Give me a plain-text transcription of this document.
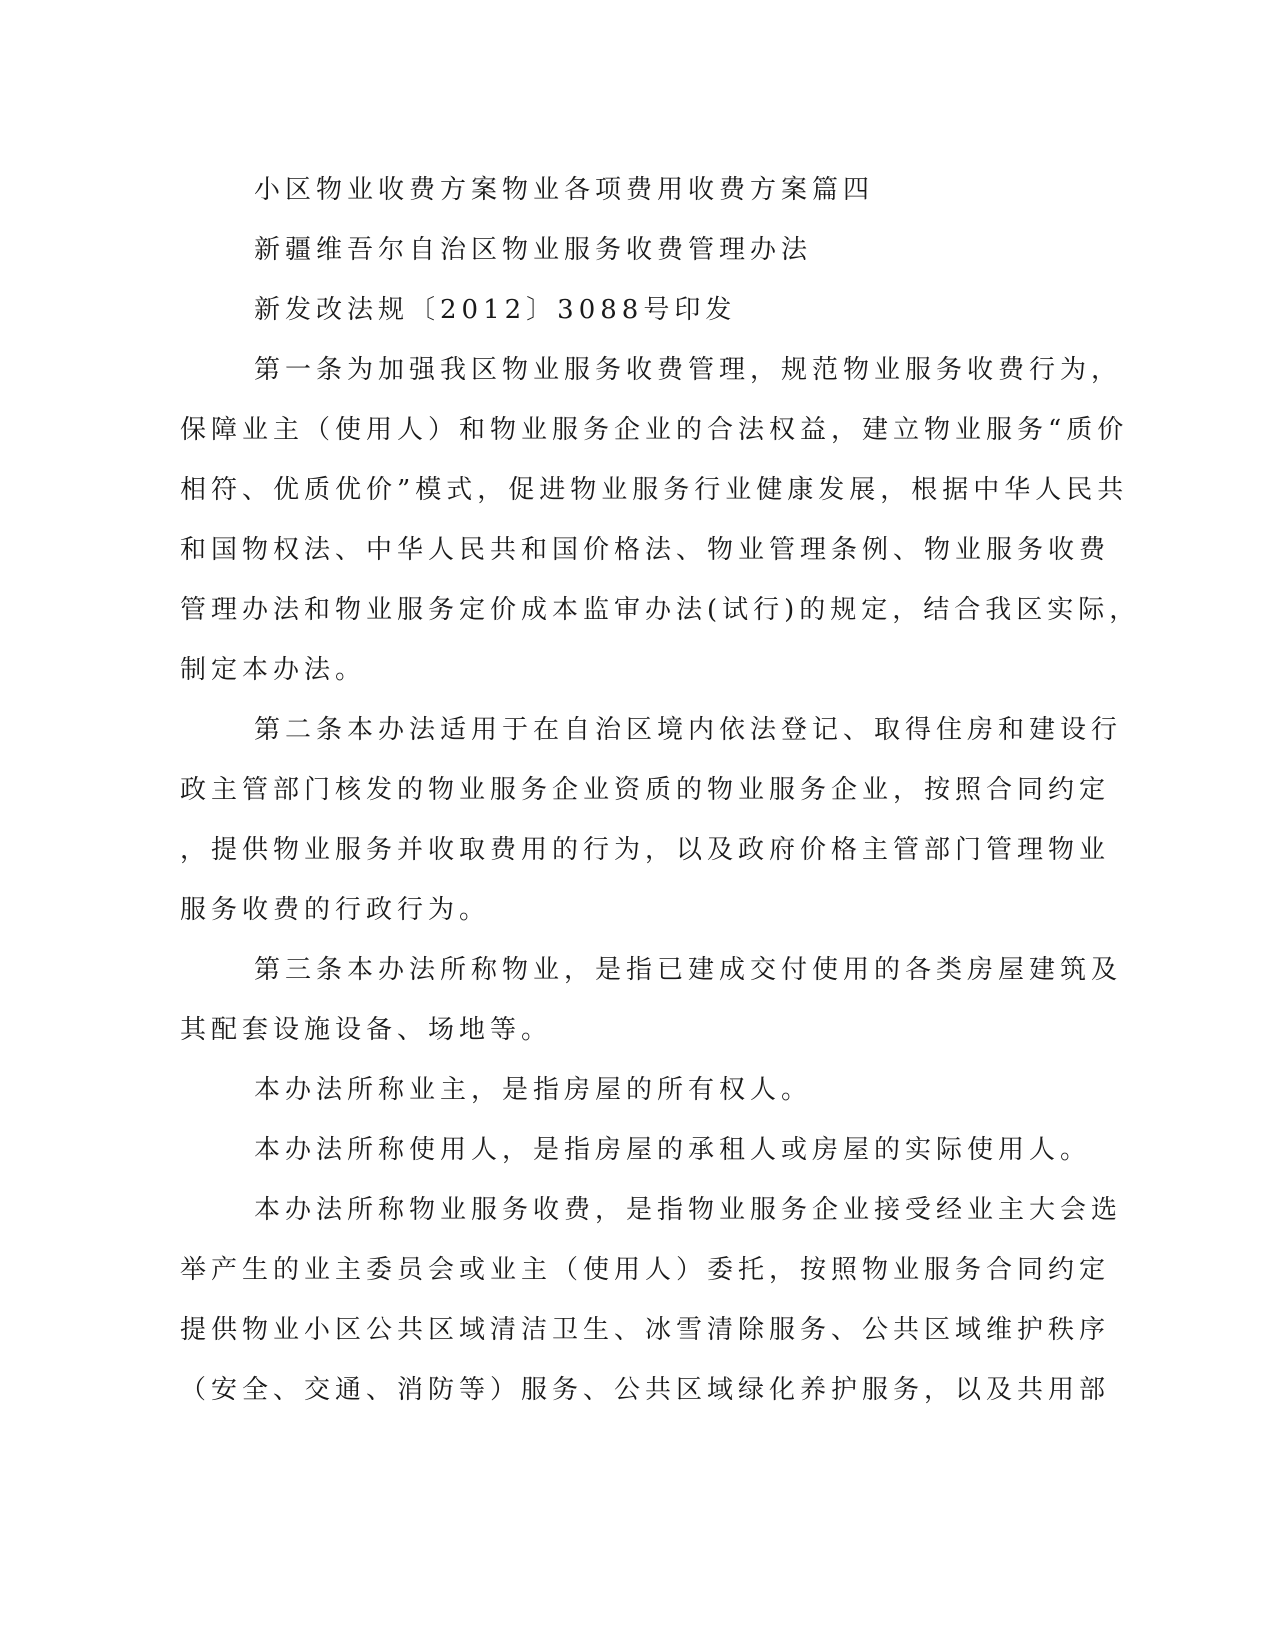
小区物业收费方案物业各项费用收费方案篇四
新疆维吾尔自治区物业服务收费管理办法
新发改法规〔2012〕3088号印发
第一条为加强我区物业服务收费管理，规范物业服务收费行为，
保障业主（使用人）和物业服务企业的合法权益，建立物业服务“质价
相符、优质优价”模式，促进物业服务行业健康发展，根据中华人民共
和国物权法、中华人民共和国价格法、物业管理条例、物业服务收费
管理办法和物业服务定价成本监审办法(试行)的规定，结合我区实际，
制定本办法。
第二条本办法适用于在自治区境内依法登记、取得住房和建设行
政主管部门核发的物业服务企业资质的物业服务企业，按照合同约定
，提供物业服务并收取费用的行为，以及政府价格主管部门管理物业
服务收费的行政行为。
第三条本办法所称物业，是指已建成交付使用的各类房屋建筑及
其配套设施设备、场地等。
本办法所称业主，是指房屋的所有权人。
本办法所称使用人，是指房屋的承租人或房屋的实际使用人。
本办法所称物业服务收费，是指物业服务企业接受经业主大会选
举产生的业主委员会或业主（使用人）委托，按照物业服务合同约定
提供物业小区公共区域清洁卫生、冰雪清除服务、公共区域维护秩序
（安全、交通、消防等）服务、公共区域绿化养护服务，以及共用部
